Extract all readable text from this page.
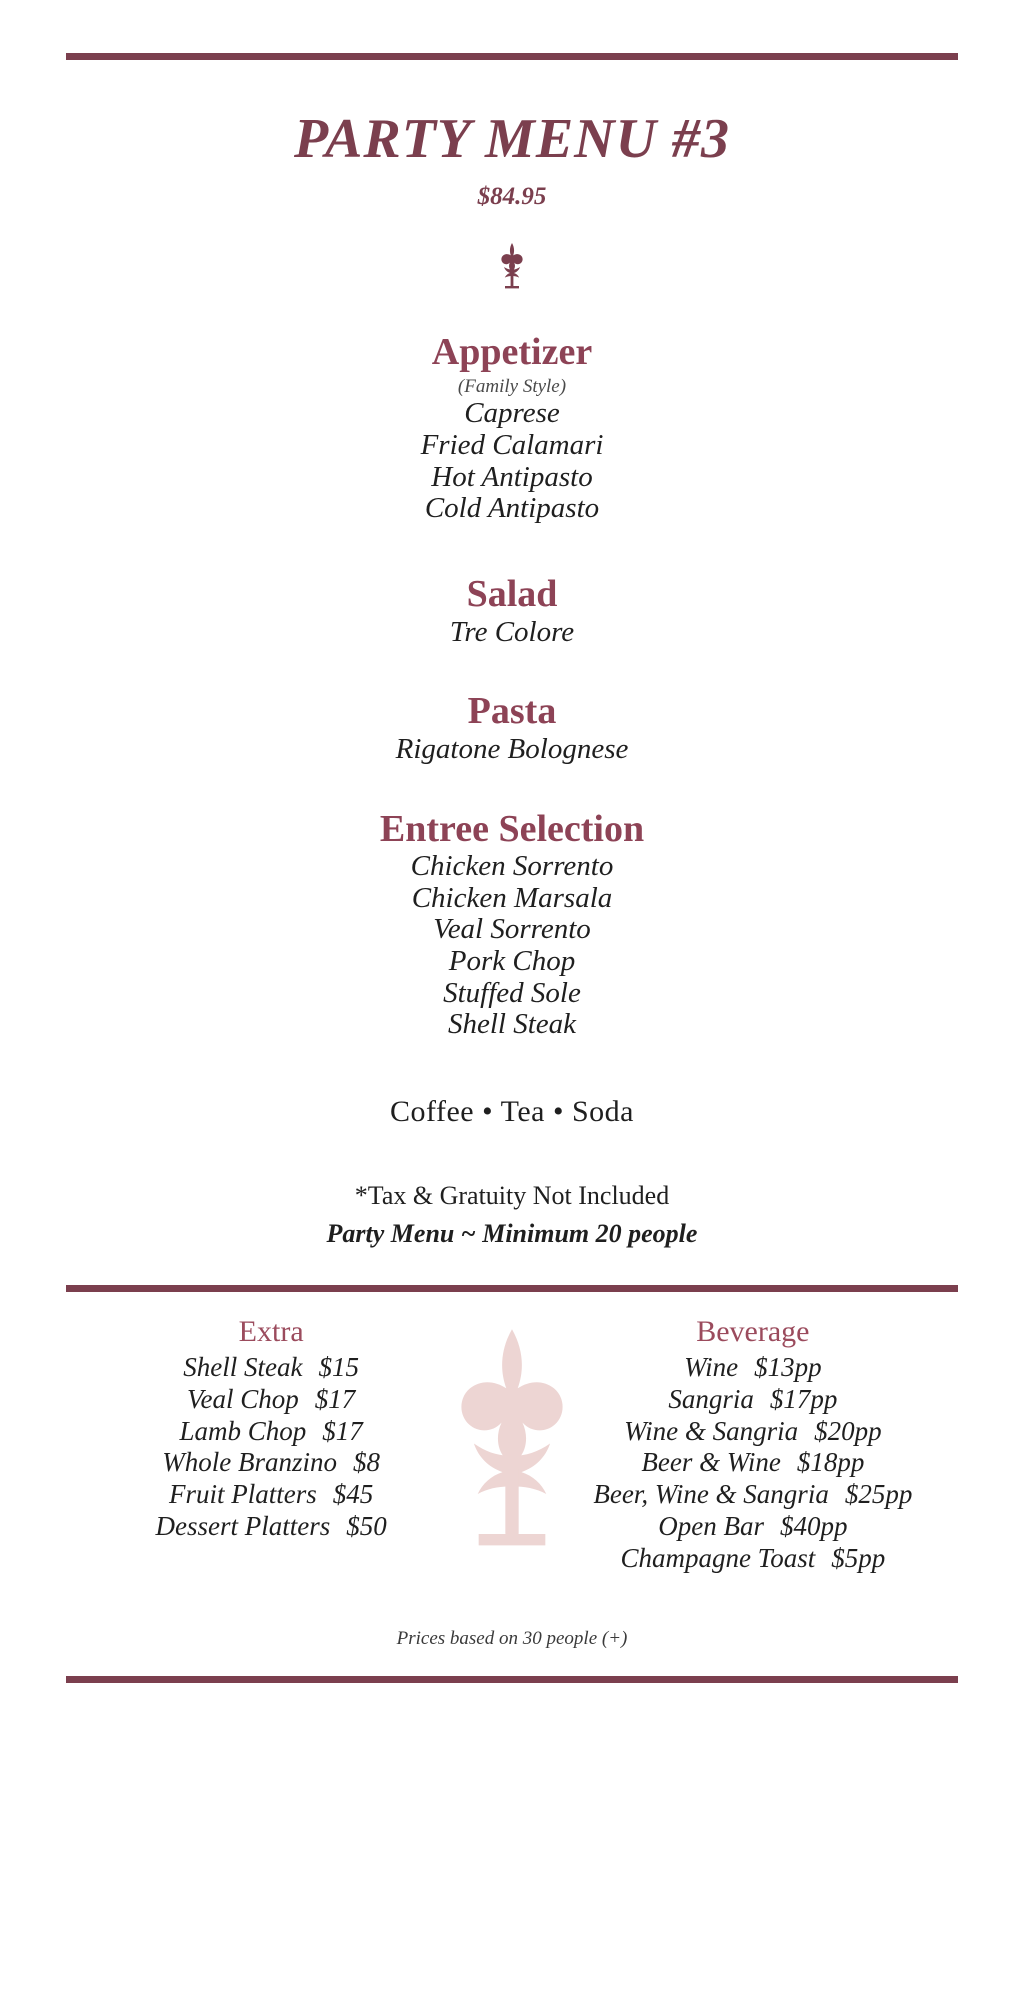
PARTY MENU #3
$84.95
Appetizer
(Family Style)
Caprese
Fried Calamari
Hot Antipasto
Cold Antipasto
Salad
Tre Colore
Pasta
Rigatone Bolognese
Entree Selection
Chicken Sorrento
Chicken Marsala
Veal Sorrento
Pork Chop
Stuffed Sole
Shell Steak
Coffee • Tea • Soda
*Tax & Gratuity Not Included
Party Menu ~ Minimum 20 people
Extra
Shell Steak $15
Veal Chop $17
Lamb Chop $17
Whole Branzino $8
Fruit Platters $45
Dessert Platters $50
Beverage
Wine $13pp
Sangria $17pp
Wine & Sangria $20pp
Beer & Wine $18pp
Beer, Wine & Sangria $25pp
Open Bar $40pp
Champagne Toast $5pp
Prices based on 30 people (+)
